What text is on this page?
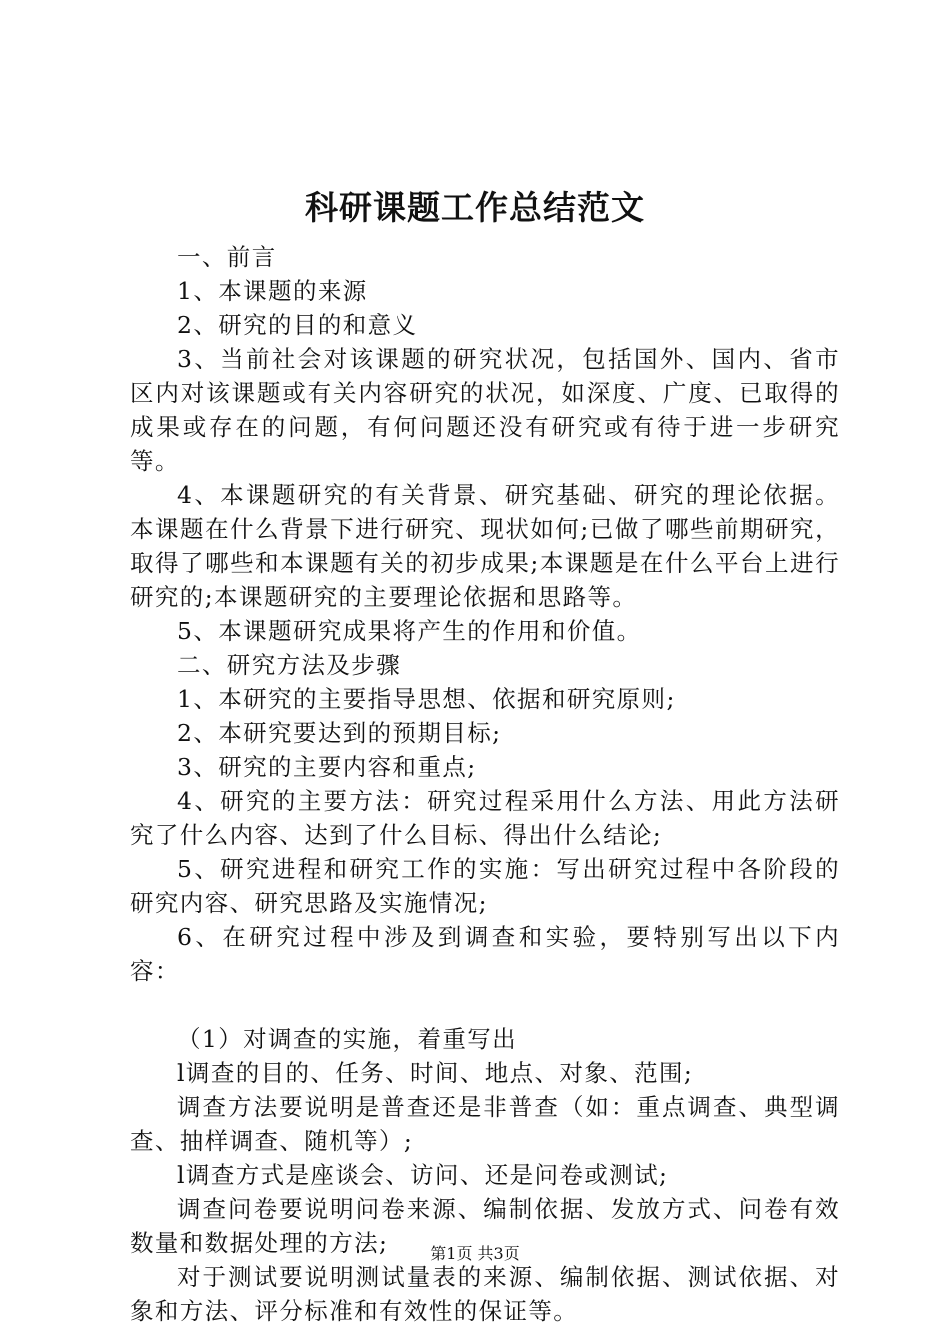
科研课题工作总结范文

一、前言

1、本课题的来源

2、研究的目的和意义

3、当前社会对该课题的研究状况，包括国外、国内、省市区内对该课题或有关内容研究的状况，如深度、广度、已取得的成果或存在的问题，有何问题还没有研究或有待于进一步研究等。

4、本课题研究的有关背景、研究基础、研究的理论依据。本课题在什么背景下进行研究、现状如何;已做了哪些前期研究，取得了哪些和本课题有关的初步成果;本课题是在什么平台上进行研究的;本课题研究的主要理论依据和思路等。

5、本课题研究成果将产生的作用和价值。

二、研究方法及步骤

1、本研究的主要指导思想、依据和研究原则;

2、本研究要达到的预期目标;

3、研究的主要内容和重点;

4、研究的主要方法：研究过程采用什么方法、用此方法研究了什么内容、达到了什么目标、得出什么结论;

5、研究进程和研究工作的实施：写出研究过程中各阶段的研究内容、研究思路及实施情况;

6、在研究过程中涉及到调查和实验，要特别写出以下内容：

（1）对调查的实施，着重写出

l调查的目的、任务、时间、地点、对象、范围;

调查方法要说明是普查还是非普查（如：重点调查、典型调查、抽样调查、随机等）;

l调查方式是座谈会、访问、还是问卷或测试;

调查问卷要说明问卷来源、编制依据、发放方式、问卷有效数量和数据处理的方法;

对于测试要说明测试量表的来源、编制依据、测试依据、对象和方法、评分标准和有效性的保证等。

第1页 共3页
